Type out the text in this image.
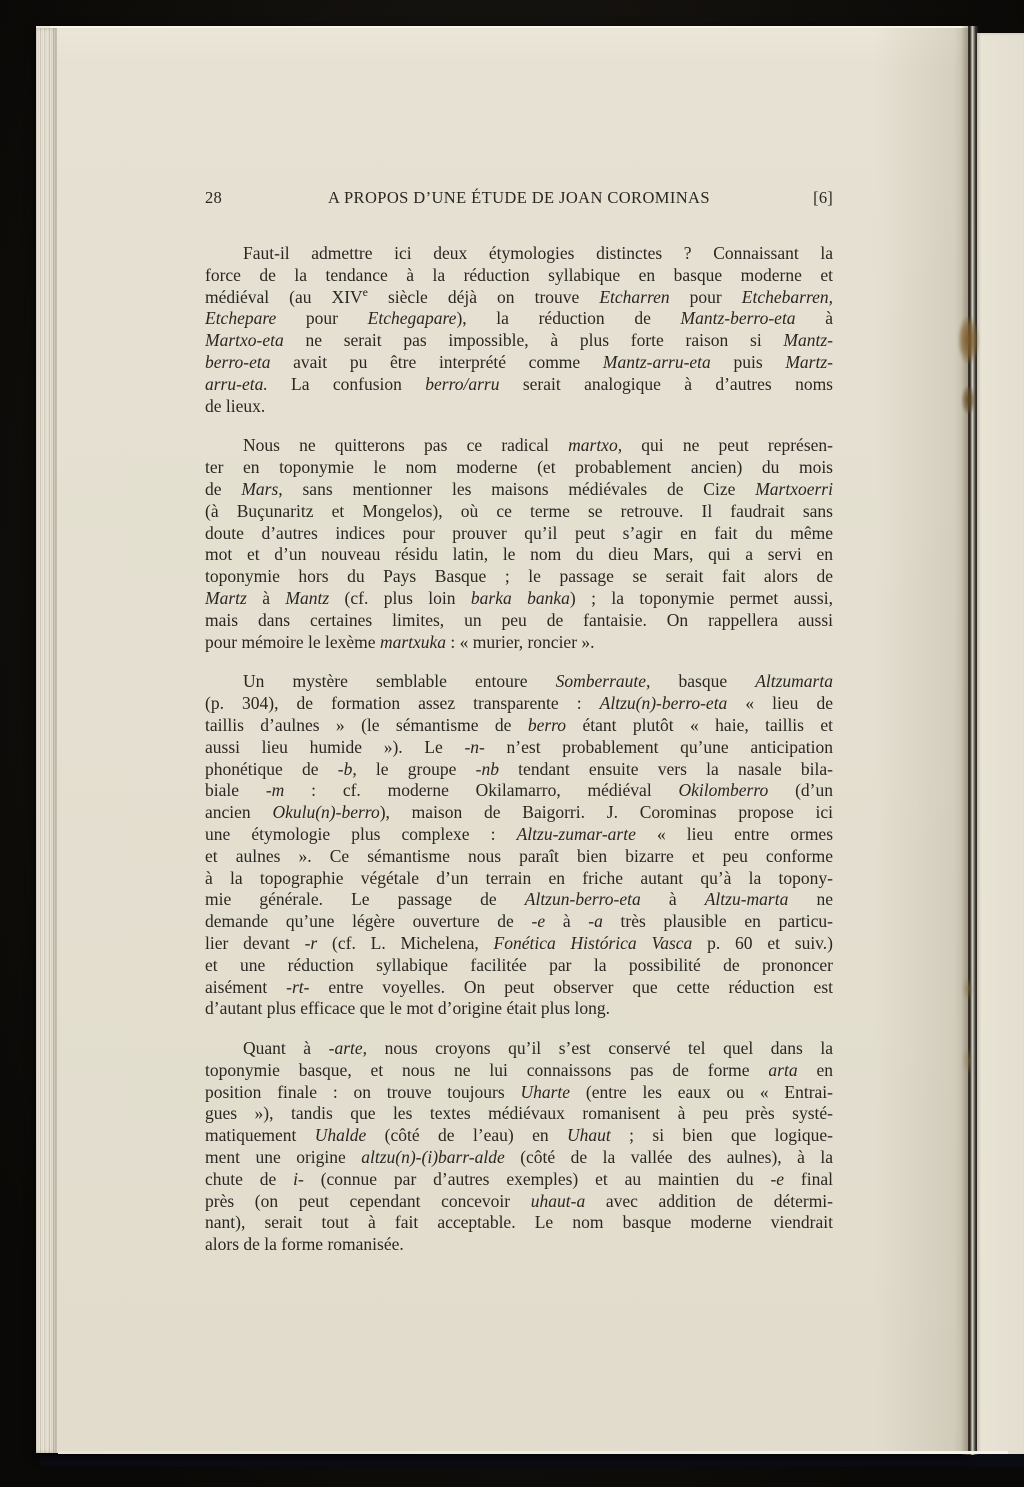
28	A PROPOS D’UNE ÉTUDE DE JOAN COROMINAS	[6]
Faut-il admettre ici deux étymologies distinctes ? Connaissant la
force de la tendance à la réduction syllabique en basque moderne et
médiéval (au XIVe siècle déjà on trouve Etcharren pour Etchebarren,
Etchepare pour Etchegapare), la réduction de Mantz-berro-eta à
Martxo-eta ne serait pas impossible, à plus forte raison si Mantz-
berro-eta avait pu être interprété comme Mantz-arru-eta puis Martz-
arru-eta. La confusion berro/arru serait analogique à d’autres noms
de lieux.
Nous ne quitterons pas ce radical martxo, qui ne peut représen-
ter en toponymie le nom moderne (et probablement ancien) du mois
de Mars, sans mentionner les maisons médiévales de Cize Martxoerri
(à Buçunaritz et Mongelos), où ce terme se retrouve. Il faudrait sans
doute d’autres indices pour prouver qu’il peut s’agir en fait du même
mot et d’un nouveau résidu latin, le nom du dieu Mars, qui a servi en
toponymie hors du Pays Basque ; le passage se serait fait alors de
Martz à Mantz (cf. plus loin barka banka) ; la toponymie permet aussi,
mais dans certaines limites, un peu de fantaisie. On rappellera aussi
pour mémoire le lexème martxuka : « murier, roncier ».
Un mystère semblable entoure Somberraute, basque Altzumarta
(p. 304), de formation assez transparente : Altzu(n)-berro-eta « lieu de
taillis d’aulnes » (le sémantisme de berro étant plutôt « haie, taillis et
aussi lieu humide »). Le -n- n’est probablement qu’une anticipation
phonétique de -b, le groupe -nb tendant ensuite vers la nasale bila-
biale -m : cf. moderne Okilamarro, médiéval Okilomberro (d’un
ancien Okulu(n)-berro), maison de Baigorri. J. Corominas propose ici
une étymologie plus complexe : Altzu-zumar-arte « lieu entre ormes
et aulnes ». Ce sémantisme nous paraît bien bizarre et peu conforme
à la topographie végétale d’un terrain en friche autant qu’à la topony-
mie générale. Le passage de Altzun-berro-eta à Altzu-marta ne
demande qu’une légère ouverture de -e à -a très plausible en particu-
lier devant -r (cf. L. Michelena, Fonética Histórica Vasca p. 60 et suiv.)
et une réduction syllabique facilitée par la possibilité de prononcer
aisément -rt- entre voyelles. On peut observer que cette réduction est
d’autant plus efficace que le mot d’origine était plus long.
Quant à -arte, nous croyons qu’il s’est conservé tel quel dans la
toponymie basque, et nous ne lui connaissons pas de forme arta en
position finale : on trouve toujours Uharte (entre les eaux ou « Entrai-
gues »), tandis que les textes médiévaux romanisent à peu près systé-
matiquement Uhalde (côté de l’eau) en Uhaut ; si bien que logique-
ment une origine altzu(n)-(i)barr-alde (côté de la vallée des aulnes), à la
chute de i- (connue par d’autres exemples) et au maintien du -e final
près (on peut cependant concevoir uhaut-a avec addition de détermi-
nant), serait tout à fait acceptable. Le nom basque moderne viendrait
alors de la forme romanisée.
